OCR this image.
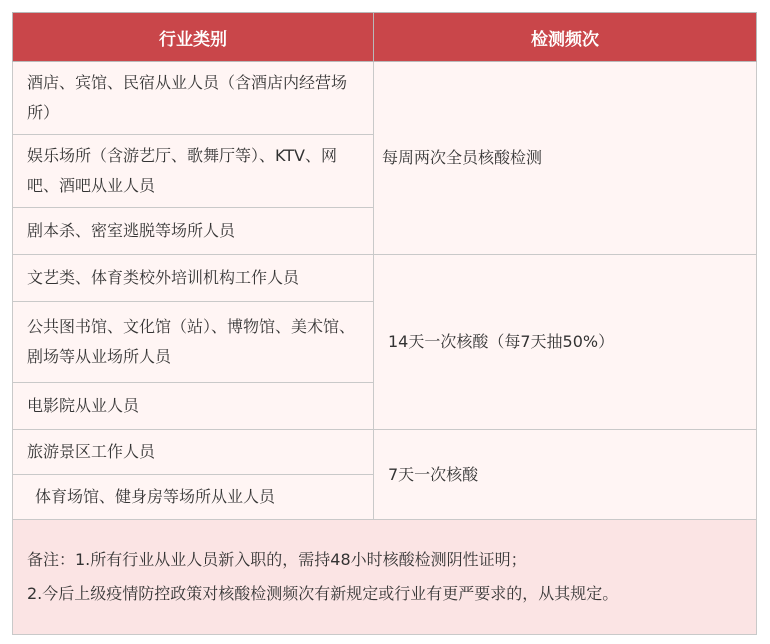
行业类别	检测频次
酒店、宾馆、民宿从业人员（含酒店内经营场所）	每周两次全员核酸检测
娱乐场所（含游艺厅、歌舞厅等）、KTV、网吧、酒吧从业人员	
剧本杀、密室逃脱等场所人员	
文艺类、体育类校外培训机构工作人员	14天一次核酸（每7天抽50%）
公共图书馆、文化馆（站）、博物馆、美术馆、剧场等从业场所人员	
电影院从业人员	
旅游景区工作人员	7天一次核酸
体育场馆、健身房等场所从业人员	

备注：1.所有行业从业人员新入职的，需持48小时核酸检测阴性证明；
2.今后上级疫情防控政策对核酸检测频次有新规定或行业有更严要求的，从其规定。	
